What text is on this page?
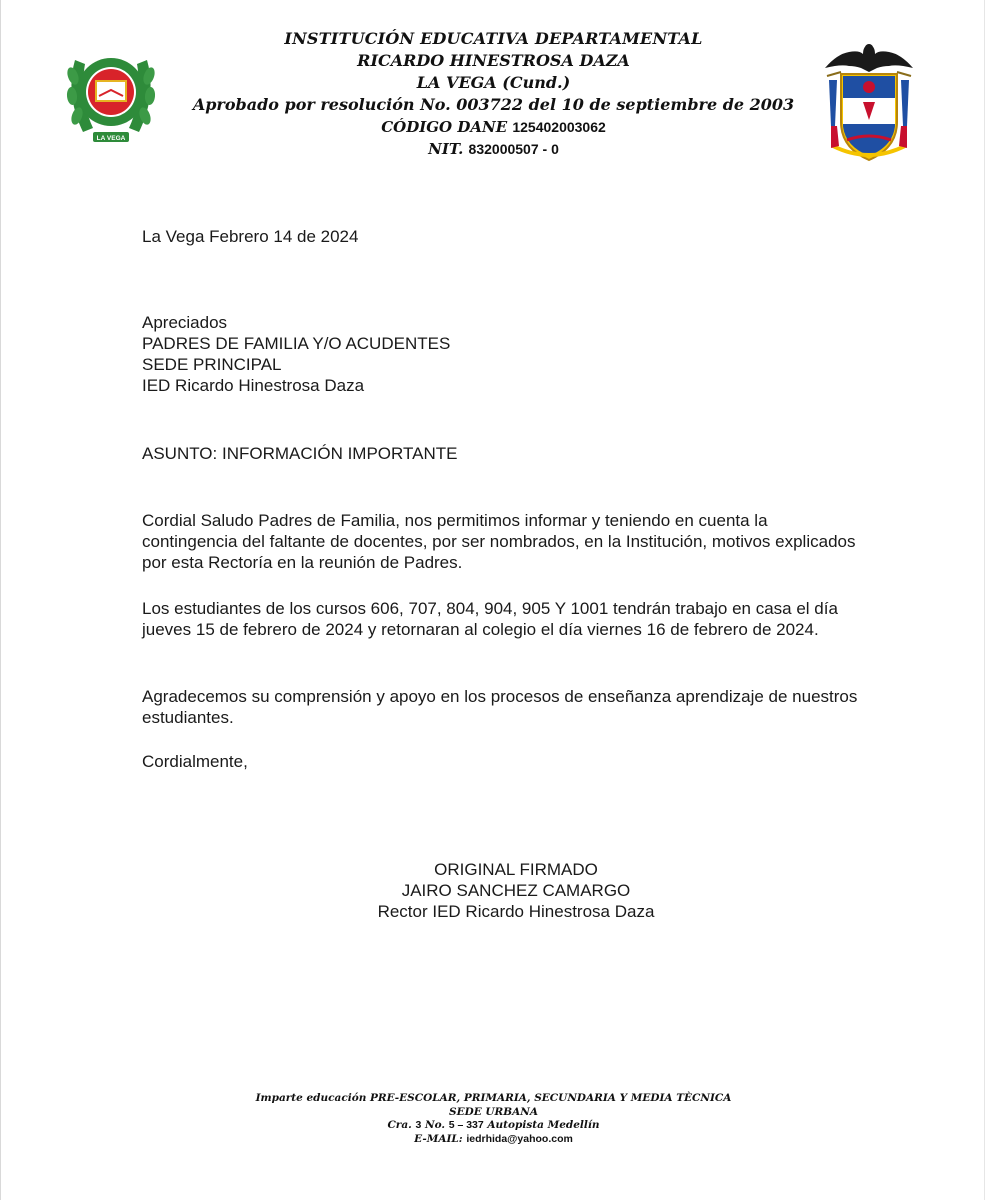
LA VEGA
INSTITUCIÓN EDUCATIVA DEPARTAMENTAL
RICARDO HINESTROSA DAZA
LA VEGA (Cund.)
Aprobado por resolución No. 003722 del 10 de septiembre de 2003
CÓDIGO DANE 125402003062
NIT. 832000507 - 0
La Vega Febrero 14 de 2024
Apreciados
PADRES DE FAMILIA Y/O ACUDENTES
SEDE PRINCIPAL
IED Ricardo Hinestrosa Daza
ASUNTO: INFORMACIÓN IMPORTANTE
Cordial Saludo Padres de Familia, nos permitimos informar y teniendo en cuenta la contingencia del faltante de docentes, por ser nombrados, en la Institución, motivos explicados por esta Rectoría en la reunión de Padres.
Los estudiantes de los cursos 606, 707, 804, 904, 905 Y 1001 tendrán trabajo en casa el día jueves 15 de febrero de 2024 y retornaran al colegio el día viernes 16 de febrero de 2024.
Agradecemos su comprensión y apoyo en los procesos de enseñanza aprendizaje de nuestros estudiantes.
Cordialmente,
ORIGINAL FIRMADO
JAIRO SANCHEZ CAMARGO
Rector IED Ricardo Hinestrosa Daza
Imparte educación PRE-ESCOLAR, PRIMARIA, SECUNDARIA Y MEDIA TÈCNICA
SEDE URBANA
Cra. 3 No. 5 – 337 Autopista Medellín
E-MAIL: iedrhida@yahoo.com
